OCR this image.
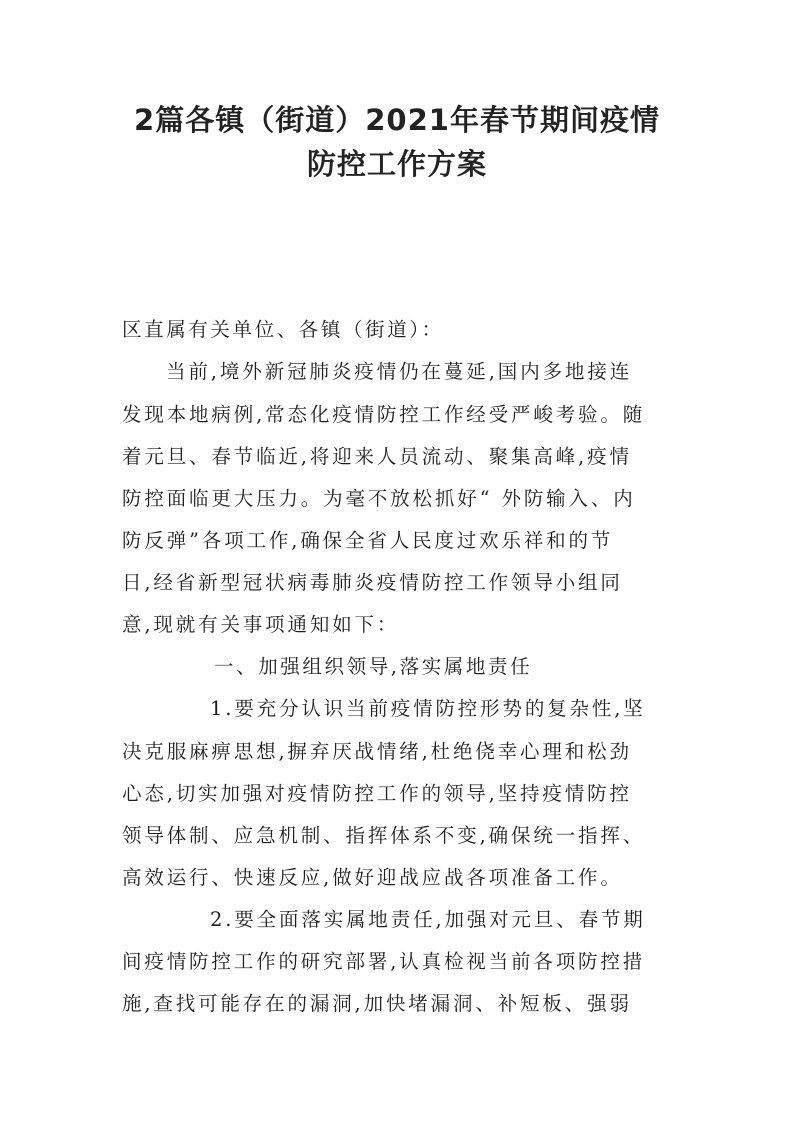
2篇各镇（街道）2021年春节期间疫情
防控工作方案

区直属有关单位、各镇（街道）：

当前,境外新冠肺炎疫情仍在蔓延,国内多地接连

发现本地病例,常态化疫情防控工作经受严峻考验。随

着元旦、春节临近,将迎来人员流动、聚集高峰,疫情

防控面临更大压力。为毫不放松抓好“ 外防输入、内

防反弹”各项工作,确保全省人民度过欢乐祥和的节

日,经省新型冠状病毒肺炎疫情防控工作领导小组同

意,现就有关事项通知如下：

一、加强组织领导,落实属地责任

1.要充分认识当前疫情防控形势的复杂性,坚

决克服麻痹思想,摒弃厌战情绪,杜绝侥幸心理和松劲

心态,切实加强对疫情防控工作的领导,坚持疫情防控

领导体制、应急机制、指挥体系不变,确保统一指挥、

高效运行、快速反应,做好迎战应战各项准备工作。

2.要全面落实属地责任,加强对元旦、春节期

间疫情防控工作的研究部署,认真检视当前各项防控措

施,查找可能存在的漏洞,加快堵漏洞、补短板、强弱
